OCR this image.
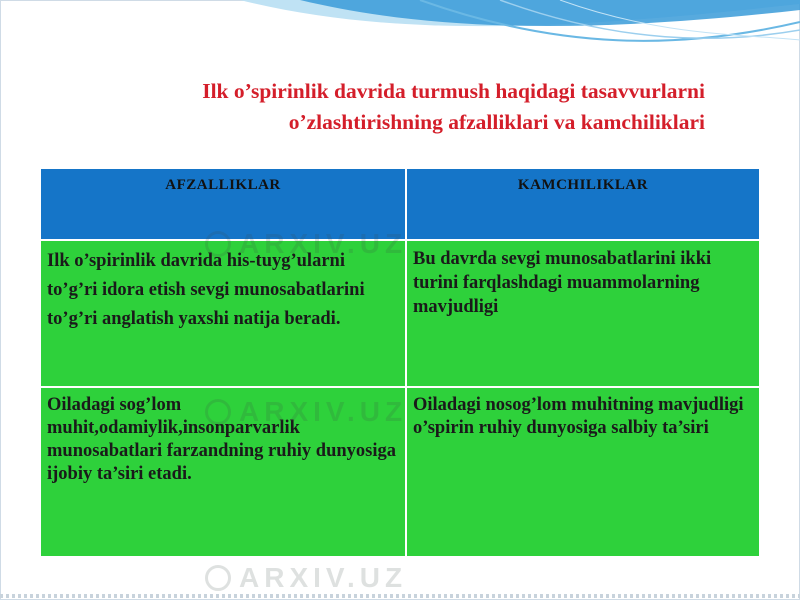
Ilk o’spirinlik davrida turmush haqidagi tasavvurlarni
o’zlashtirishning afzalliklari va kamchiliklari
AFZALLIKLAR	KAMCHILIKLAR
Ilk o’spirinlik davrida his-tuyg’ularni to’g’ri idora etish sevgi munosabatlarini to’g’ri anglatish yaxshi natija beradi.	Bu davrda sevgi munosabatlarini ikki turini farqlashdagi muammolarning mavjudligi
Oiladagi sog’lom muhit,odamiylik,insonparvarlik munosabatlari farzandning ruhiy dunyosiga ijobiy ta’siri etadi.	Oiladagi nosog’lom muhitning mavjudligi o’spirin ruhiy dunyosiga salbiy ta’siri
ARXIV.UZ
